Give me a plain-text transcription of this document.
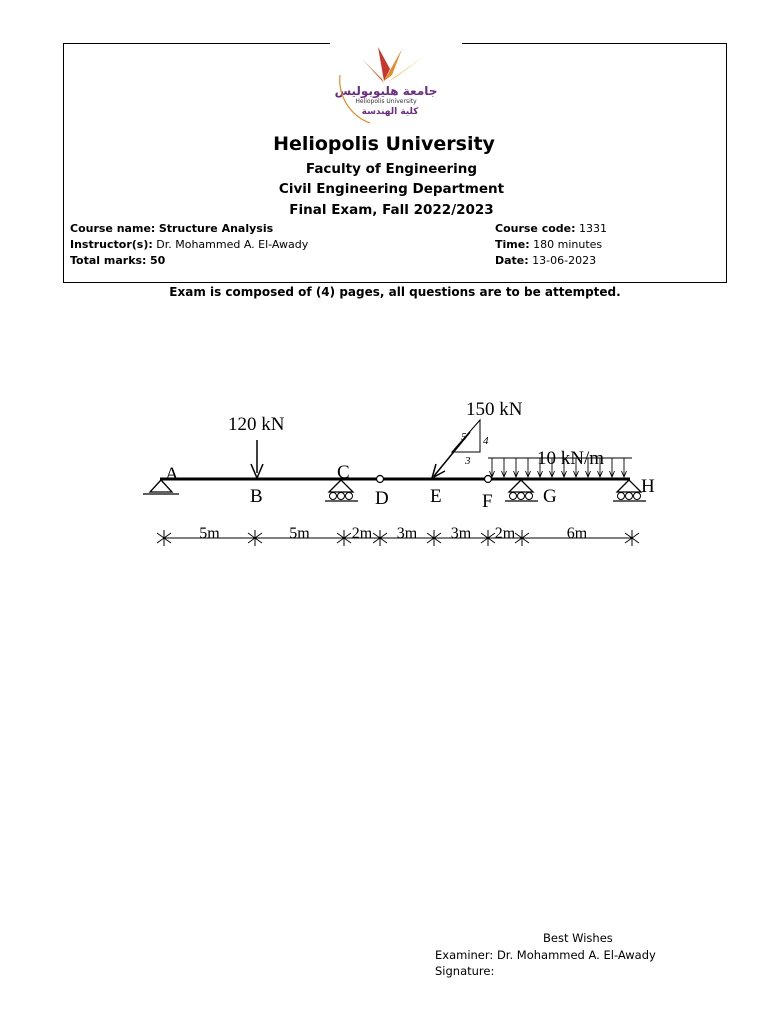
جامعة هليوبوليس
Heliopolis University
كلية الهندسة
Heliopolis University
Faculty of Engineering
Civil Engineering Department
Final Exam, Fall 2022/2023
Course name: Structure Analysis
Instructor(s): Dr. Mohammed A. El-Awady
Total marks: 50
Course code: 1331
Time: 180 minutes
Date: 13-06-2023
Exam is composed of (4) pages, all questions are to be attempted.
120 kN
150 kN
5 4
3	10 kN/m
A
B
C
D E F	G	H
5m	5m	2m 3m 3m 2m	6m
Best Wishes
Examiner: Dr. Mohammed A. El-Awady
Signature:
